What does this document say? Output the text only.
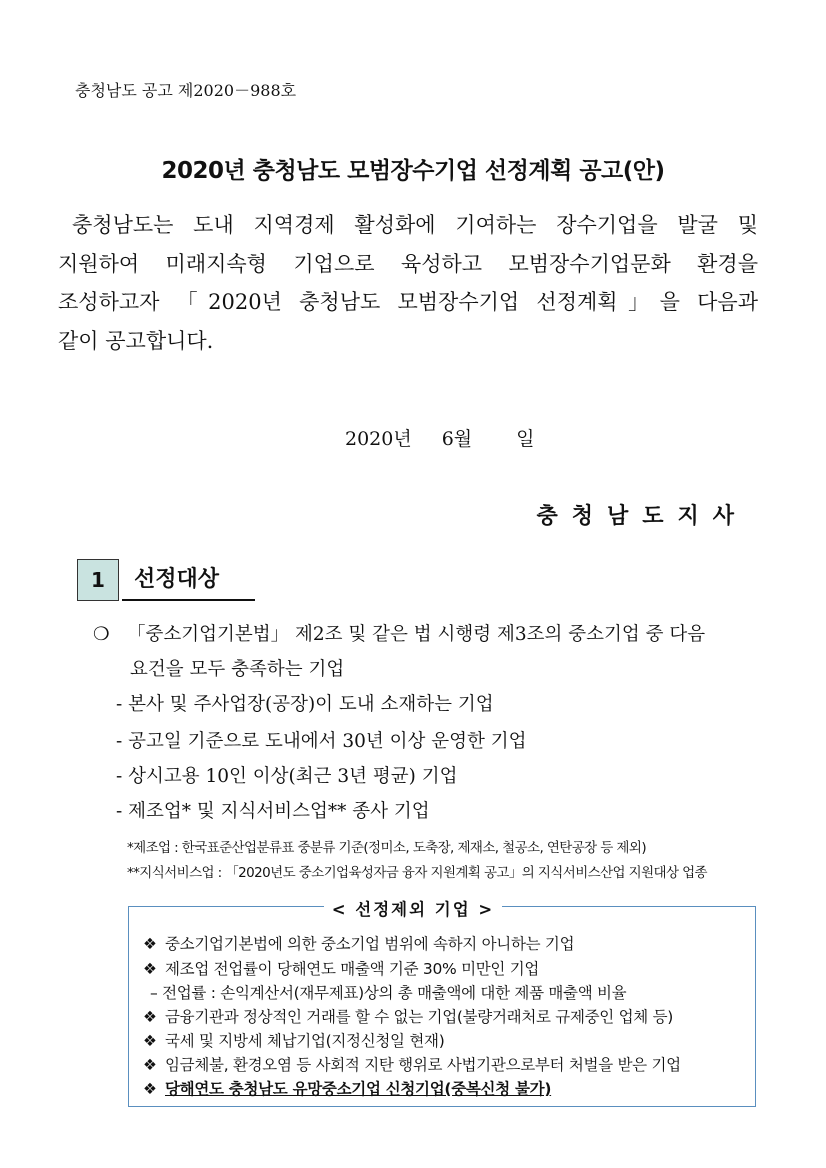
충청남도 공고 제2020－988호
2020년 충청남도 모범장수기업 선정계획 공고(안)
충청남도는 도내 지역경제 활성화에 기여하는 장수기업을 발굴 및
지원하여 미래지속형 기업으로 육성하고 모범장수기업문화 환경을
조성하고자 「2020년 충청남도 모범장수기업 선정계획」을 다음과
같이 공고합니다.
2020년 6월 일
충청남도지사
1	선정대상
❍ 「중소기업기본법」 제2조 및 같은 법 시행령 제3조의 중소기업 중 다음
요건을 모두 충족하는 기업
- 본사 및 주사업장(공장)이 도내 소재하는 기업
- 공고일 기준으로 도내에서 30년 이상 운영한 기업
- 상시고용 10인 이상(최근 3년 평균) 기업
- 제조업* 및 지식서비스업** 종사 기업
*제조업 : 한국표준산업분류표 중분류 기준(정미소, 도축장, 제재소, 철공소, 연탄공장 등 제외)
**지식서비스업 : 「2020년도 중소기업육성자금 융자 지원계획 공고」의 지식서비스산업 지원대상 업종
< 선정제외 기업 >
❖ 중소기업기본법에 의한 중소기업 범위에 속하지 아니하는 기업
❖ 제조업 전업률이 당해연도 매출액 기준 30% 미만인 기업
– 전업률 : 손익계산서(재무제표)상의 총 매출액에 대한 제품 매출액 비율
❖ 금융기관과 정상적인 거래를 할 수 없는 기업(불량거래처로 규제중인 업체 등)
❖ 국세 및 지방세 체납기업(지정신청일 현재)
❖ 임금체불, 환경오염 등 사회적 지탄 행위로 사법기관으로부터 처벌을 받은 기업
❖ 당해연도 충청남도 유망중소기업 신청기업(중복신청 불가)
